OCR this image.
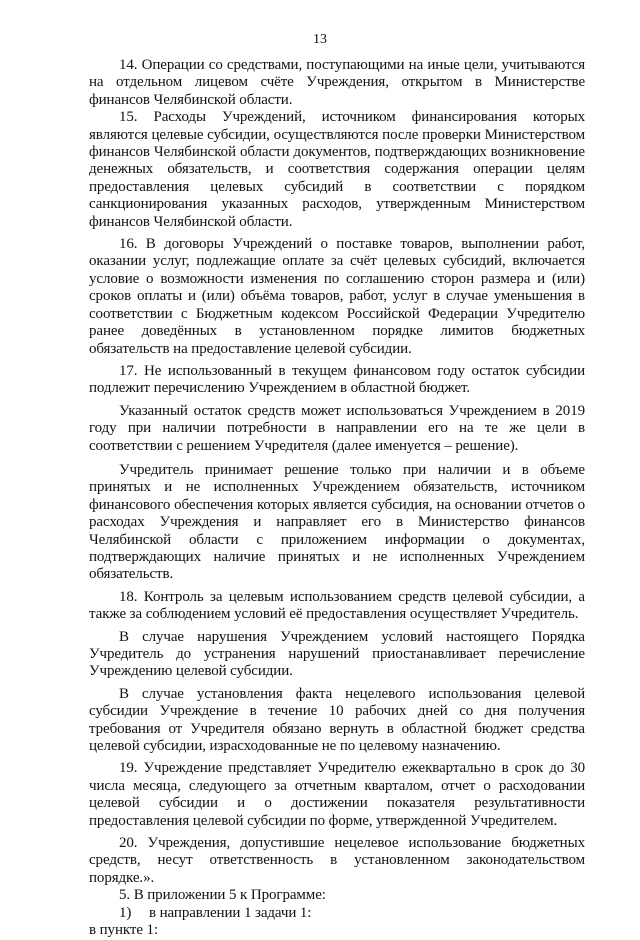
13

14. Операции со средствами, поступающими на иные цели, учитываются на отдельном лицевом счёте Учреждения, открытом в Министерстве финансов Челябинской области.

15. Расходы Учреждений, источником финансирования которых являются целевые субсидии, осуществляются после проверки Министерством финансов Челябинской области документов, подтверждающих возникновение денежных обязательств, и соответствия содержания операции целям предоставления целевых субсидий в соответствии с порядком санкционирования указанных расходов, утвержденным Министерством финансов Челябинской области.

16. В договоры Учреждений о поставке товаров, выполнении работ, оказании услуг, подлежащие оплате за счёт целевых субсидий, включается условие о возможности изменения по соглашению сторон размера и (или) сроков оплаты и (или) объёма товаров, работ, услуг в случае уменьшения в соответствии с Бюджетным кодексом Российской Федерации Учредителю ранее доведённых в установленном порядке лимитов бюджетных обязательств на предоставление целевой субсидии.

17. Не использованный в текущем финансовом году остаток субсидии подлежит перечислению Учреждением в областной бюджет.

Указанный остаток средств может использоваться Учреждением в 2019 году при наличии потребности в направлении его на те же цели в соответствии с решением Учредителя (далее именуется – решение).

Учредитель принимает решение только при наличии и в объеме принятых и не исполненных Учреждением обязательств, источником финансового обеспечения которых является субсидия, на основании отчетов о расходах Учреждения и направляет его в Министерство финансов Челябинской области с приложением информации о документах, подтверждающих наличие принятых и не исполненных Учреждением обязательств.

18. Контроль за целевым использованием средств целевой субсидии, а также за соблюдением условий её предоставления осуществляет Учредитель.

В случае нарушения Учреждением условий настоящего Порядка Учредитель до устранения нарушений приостанавливает перечисление Учреждению целевой субсидии.

В случае установления факта нецелевого использования целевой субсидии Учреждение в течение 10 рабочих дней со дня получения требования от Учредителя обязано вернуть в областной бюджет средства целевой субсидии, израсходованные не по целевому назначению.

19. Учреждение представляет Учредителю ежеквартально в срок до 30 числа месяца, следующего за отчетным кварталом, отчет о расходовании целевой субсидии и о достижении показателя результативности предоставления целевой субсидии по форме, утвержденной Учредителем.

20. Учреждения, допустившие нецелевое использование бюджетных средств, несут ответственность в установленном законодательством порядке.».

5. В приложении 5 к Программе:

1) в направлении 1 задачи 1:

в пункте 1:
